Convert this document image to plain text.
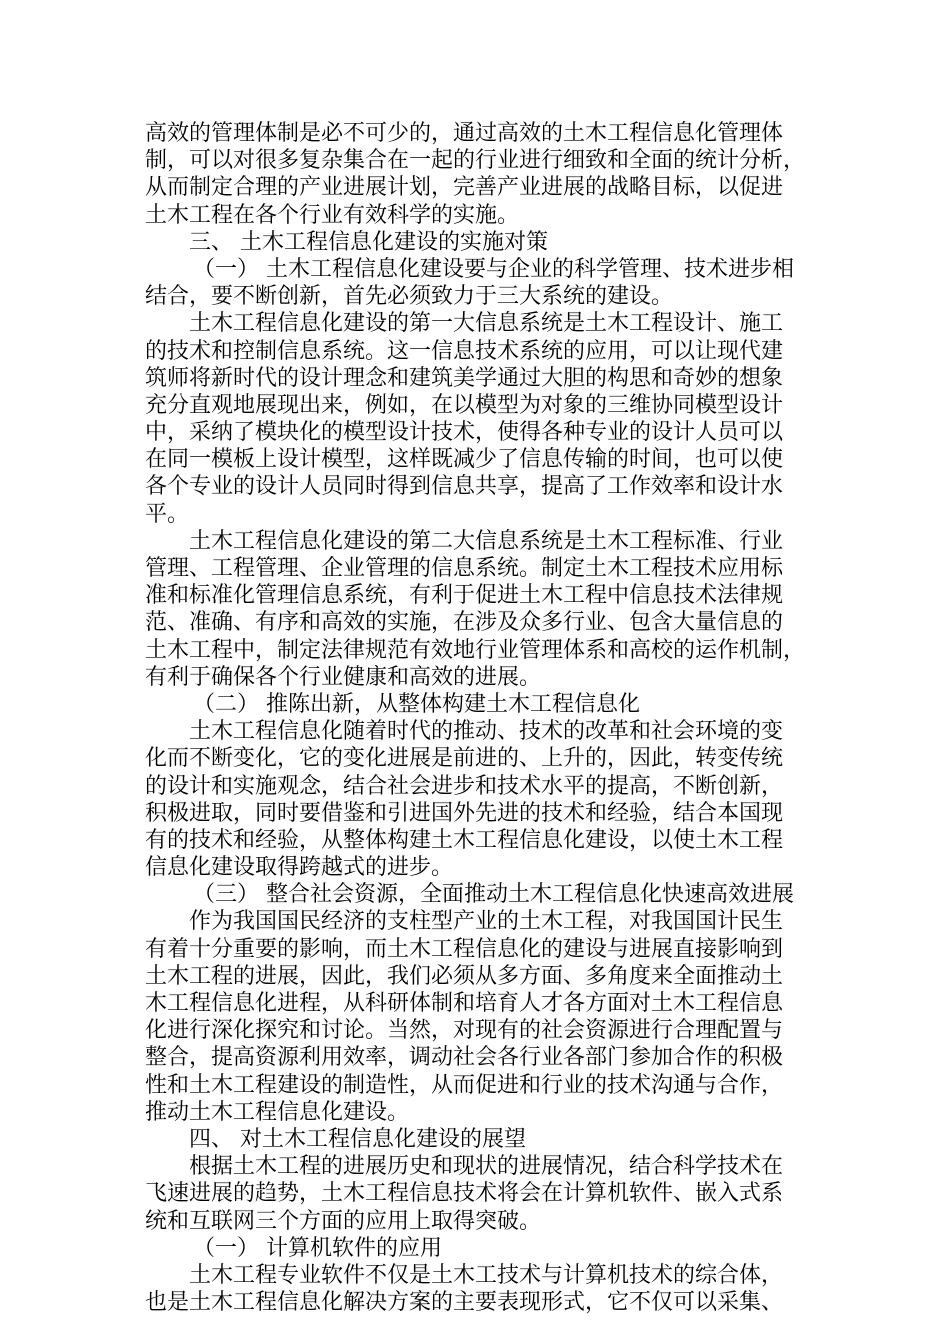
高效的管理体制是必不可少的，通过高效的土木工程信息化管理体
制，可以对很多复杂集合在一起的行业进行细致和全面的统计分析，
从而制定合理的产业进展计划，完善产业进展的战略目标，以促进
土木工程在各个行业有效科学的实施。
三、 土木工程信息化建设的实施对策
（一） 土木工程信息化建设要与企业的科学管理、技术进步相
结合，要不断创新，首先必须致力于三大系统的建设。
土木工程信息化建设的第一大信息系统是土木工程设计、施工
的技术和控制信息系统。这一信息技术系统的应用，可以让现代建
筑师将新时代的设计理念和建筑美学通过大胆的构思和奇妙的想象
充分直观地展现出来，例如，在以模型为对象的三维协同模型设计
中，采纳了模块化的模型设计技术，使得各种专业的设计人员可以
在同一模板上设计模型，这样既减少了信息传输的时间，也可以使
各个专业的设计人员同时得到信息共享，提高了工作效率和设计水
平。
土木工程信息化建设的第二大信息系统是土木工程标准、行业
管理、工程管理、企业管理的信息系统。制定土木工程技术应用标
准和标准化管理信息系统，有利于促进土木工程中信息技术法律规
范、准确、有序和高效的实施，在涉及众多行业、包含大量信息的
土木工程中，制定法律规范有效地行业管理体系和高校的运作机制，
有利于确保各个行业健康和高效的进展。
（二） 推陈出新，从整体构建土木工程信息化
土木工程信息化随着时代的推动、技术的改革和社会环境的变
化而不断变化，它的变化进展是前进的、上升的，因此，转变传统
的设计和实施观念，结合社会进步和技术水平的提高，不断创新，
积极进取，同时要借鉴和引进国外先进的技术和经验，结合本国现
有的技术和经验，从整体构建土木工程信息化建设，以使土木工程
信息化建设取得跨越式的进步。
（三） 整合社会资源，全面推动土木工程信息化快速高效进展
作为我国国民经济的支柱型产业的土木工程，对我国国计民生
有着十分重要的影响，而土木工程信息化的建设与进展直接影响到
土木工程的进展，因此，我们必须从多方面、多角度来全面推动土
木工程信息化进程，从科研体制和培育人才各方面对土木工程信息
化进行深化探究和讨论。当然，对现有的社会资源进行合理配置与
整合，提高资源利用效率，调动社会各行业各部门参加合作的积极
性和土木工程建设的制造性，从而促进和行业的技术沟通与合作，
推动土木工程信息化建设。
四、 对土木工程信息化建设的展望
根据土木工程的进展历史和现状的进展情况，结合科学技术在
飞速进展的趋势，土木工程信息技术将会在计算机软件、嵌入式系
统和互联网三个方面的应用上取得突破。
（一） 计算机软件的应用
土木工程专业软件不仅是土木工技术与计算机技术的综合体，
也是土木工程信息化解决方案的主要表现形式，它不仅可以采集、
